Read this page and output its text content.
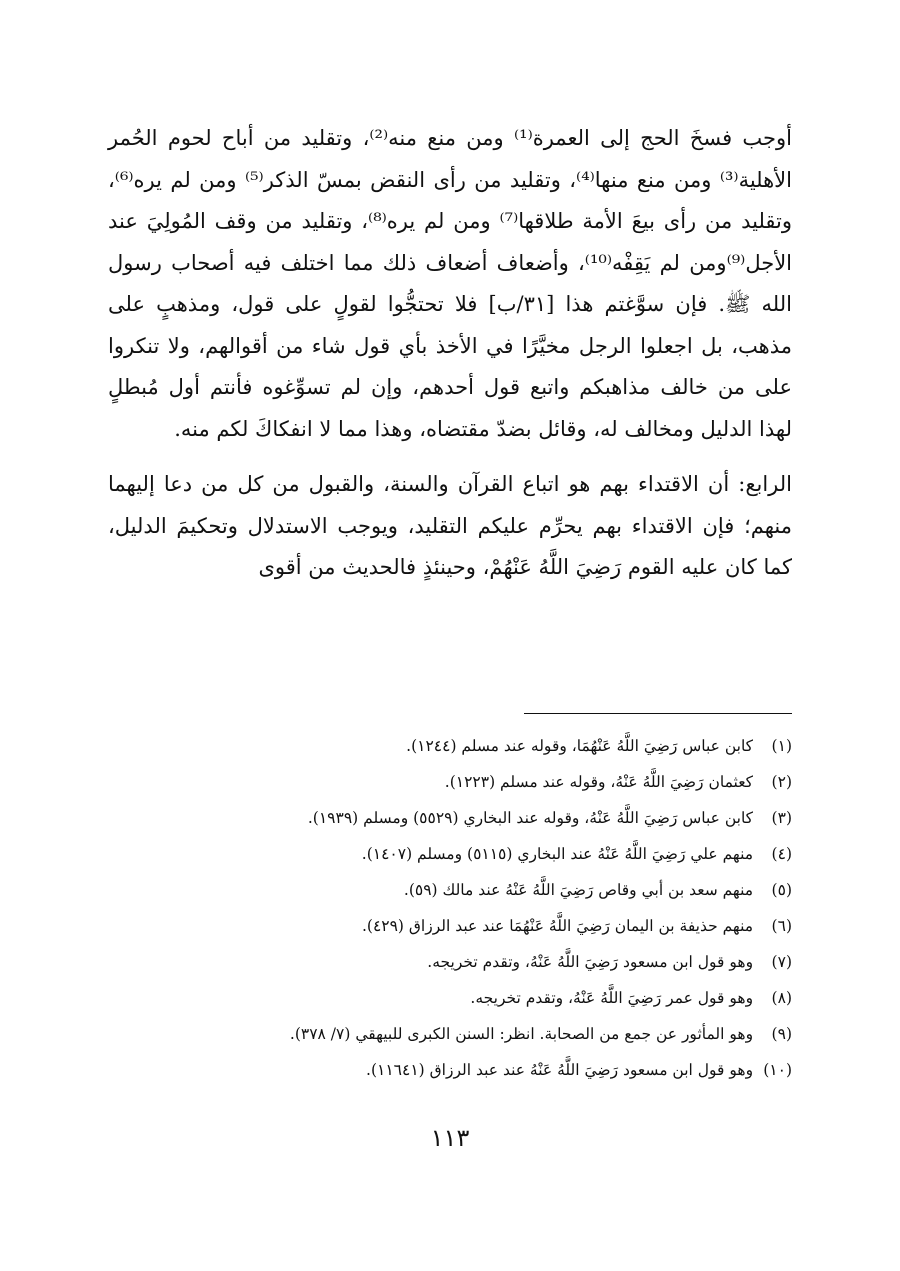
أوجب فسخَ الحج إلى العمرة⁽¹⁾ ومن منع منه⁽²⁾، وتقليد من أباح لحوم الحُمر الأهلية⁽³⁾ ومن منع منها⁽⁴⁾، وتقليد من رأى النقض بمسّ الذكر⁽⁵⁾ ومن لم يره⁽⁶⁾، وتقليد من رأى بيعَ الأمة طلاقها⁽⁷⁾ ومن لم يره⁽⁸⁾، وتقليد من وقف المُولِيَ عند الأجل⁽⁹⁾ومن لم يَقِفْه⁽¹⁰⁾، وأضعاف أضعاف ذلك مما اختلف فيه أصحاب رسول الله ﷺ. فإن سوَّغتم هذا [٣١/ب] فلا تحتجُّوا لقولٍ على قول، ومذهبٍ على مذهب، بل اجعلوا الرجل مخيَّرًا في الأخذ بأي قول شاء من أقوالهم، ولا تنكروا على من خالف مذاهبكم واتبع قول أحدهم، وإن لم تسوِّغوه فأنتم أول مُبطلٍ لهذا الدليل ومخالف له، وقائل بضدّ مقتضاه، وهذا مما لا انفكاكَ لكم منه.

الرابع: أن الاقتداء بهم هو اتباع القرآن والسنة، والقبول من كل من دعا إليهما منهم؛ فإن الاقتداء بهم يحرِّم عليكم التقليد، ويوجب الاستدلال وتحكيمَ الدليل، كما كان عليه القوم رَضِيَ اللَّهُ عَنْهُمْ، وحينئذٍ فالحديث من أقوى

(١) كابن عباس رَضِيَ اللَّهُ عَنْهُمَا، وقوله عند مسلم (١٢٤٤).
(٢) كعثمان رَضِيَ اللَّهُ عَنْهُ، وقوله عند مسلم (١٢٢٣).
(٣) كابن عباس رَضِيَ اللَّهُ عَنْهُ، وقوله عند البخاري (٥٥٢٩) ومسلم (١٩٣٩).
(٤) منهم علي رَضِيَ اللَّهُ عَنْهُ عند البخاري (٥١١٥) ومسلم (١٤٠٧).
(٥) منهم سعد بن أبي وقاص رَضِيَ اللَّهُ عَنْهُ عند مالك (٥٩).
(٦) منهم حذيفة بن اليمان رَضِيَ اللَّهُ عَنْهُمَا عند عبد الرزاق (٤٢٩).
(٧) وهو قول ابن مسعود رَضِيَ اللَّهُ عَنْهُ، وتقدم تخريجه.
(٨) وهو قول عمر رَضِيَ اللَّهُ عَنْهُ، وتقدم تخريجه.
(٩) وهو المأثور عن جمع من الصحابة. انظر: السنن الكبرى للبيهقي (٧/ ٣٧٨).
(١٠) وهو قول ابن مسعود رَضِيَ اللَّهُ عَنْهُ عند عبد الرزاق (١١٦٤١).
١١٣
